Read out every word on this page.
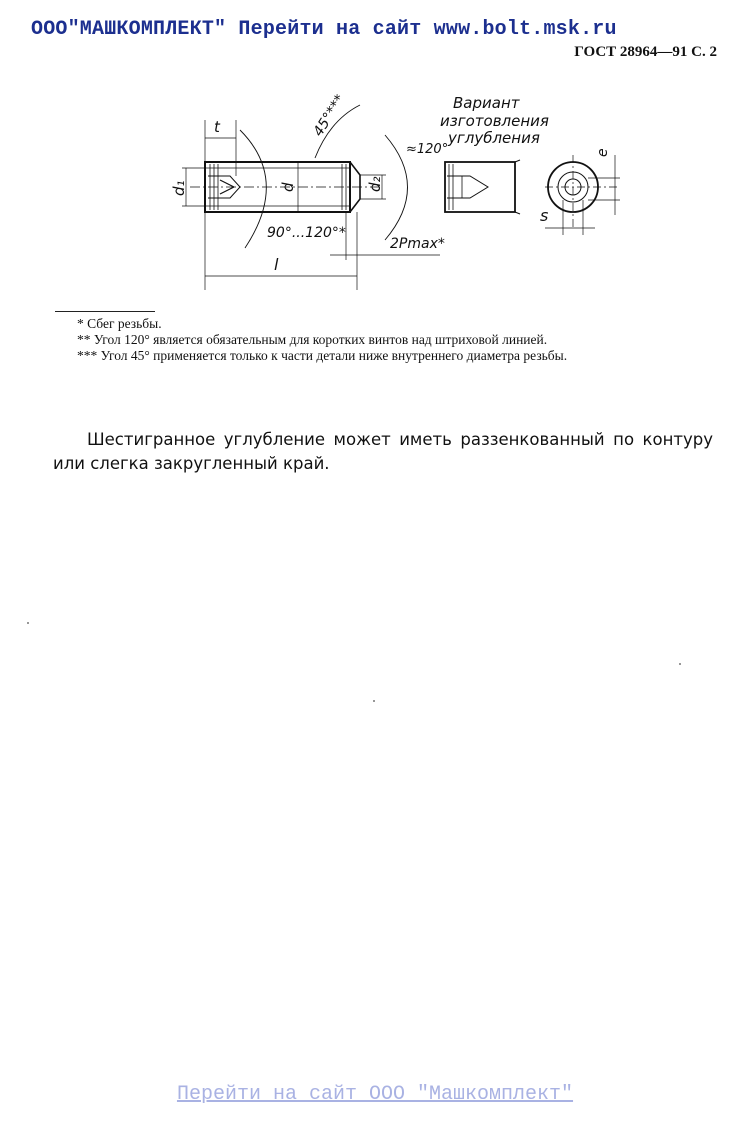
ООО"МАШКОМПЛЕКТ" Перейти на сайт www.bolt.msk.ru
ГОСТ 28964—91 С. 2
Вариант
изготовления
углубления
t
d₁	d	d₂
45°***
≈120°
90°...120°*
2Pmax*
l
e
s

* Сбег резьбы.

** Угол 120° является обязательным для коротких винтов над штриховой линией.

*** Угол 45° применяется только к части детали ниже внутреннего диаметра резьбы.

Шестигранное углубление может иметь раззенкованный по контуру или слегка закругленный край.

Перейти на сайт ООО "Машкомплект"
